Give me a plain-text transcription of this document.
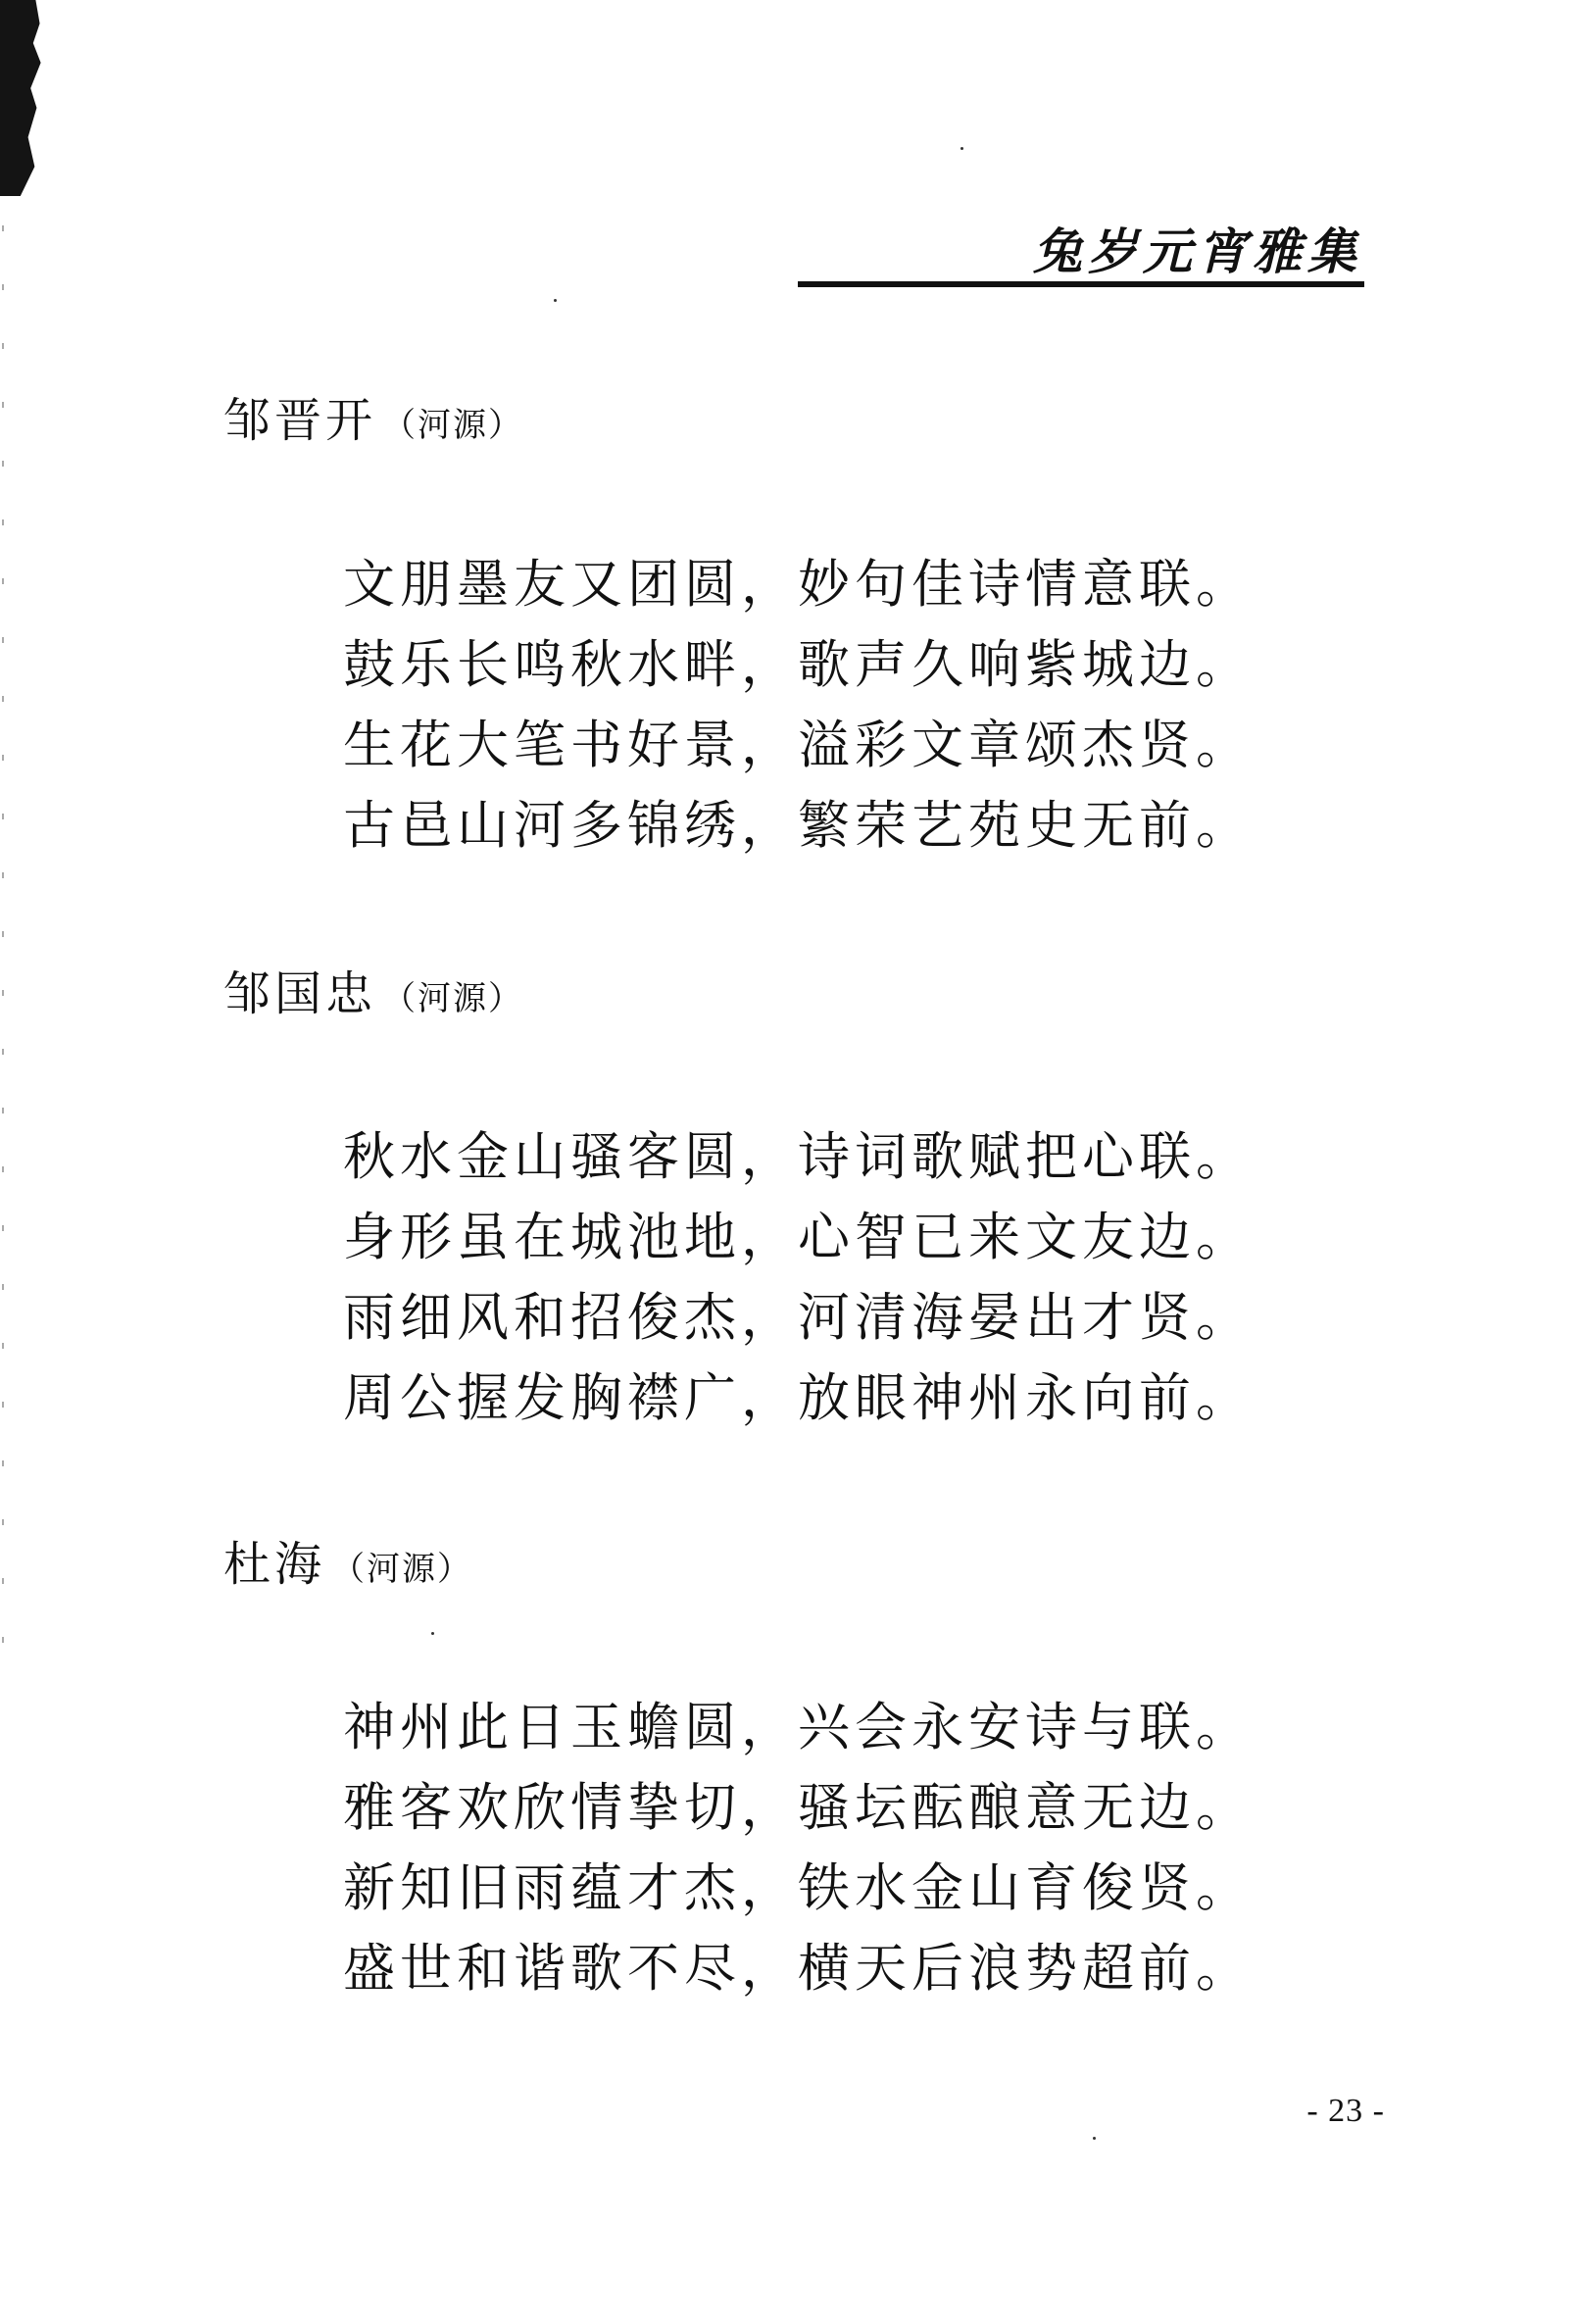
兔岁元宵雅集
邹晋开 （河源）
文朋墨友又团圆，妙句佳诗情意联。
鼓乐长鸣秋水畔，歌声久响紫城边。
生花大笔书好景，溢彩文章颂杰贤。
古邑山河多锦绣，繁荣艺苑史无前。
邹国忠 （河源）
秋水金山骚客圆，诗词歌赋把心联。
身形虽在城池地，心智已来文友边。
雨细风和招俊杰，河清海晏出才贤。
周公握发胸襟广，放眼神州永向前。
杜海 （河源）
神州此日玉蟾圆，兴会永安诗与联。
雅客欢欣情挚切，骚坛酝酿意无边。
新知旧雨蕴才杰，铁水金山育俊贤。
盛世和谐歌不尽，横天后浪势超前。
- 23 -
